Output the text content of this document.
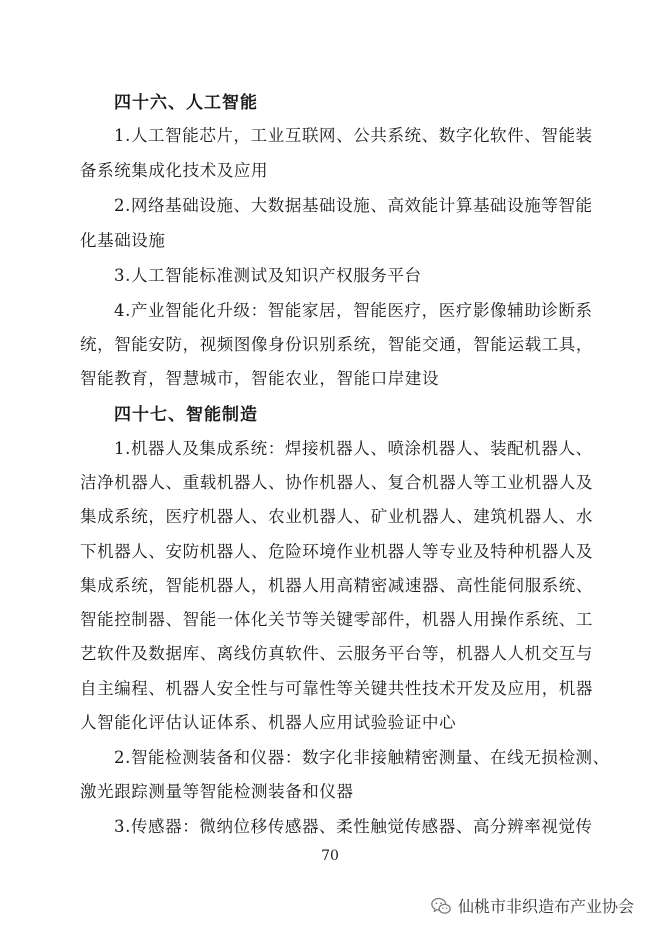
四十六、人工智能
1.人工智能芯片，工业互联网、公共系统、数字化软件、智能装
备系统集成化技术及应用
2.网络基础设施、大数据基础设施、高效能计算基础设施等智能
化基础设施
3.人工智能标准测试及知识产权服务平台
4.产业智能化升级：智能家居，智能医疗，医疗影像辅助诊断系
统，智能安防，视频图像身份识别系统，智能交通，智能运载工具，
智能教育，智慧城市，智能农业，智能口岸建设
四十七、智能制造
1.机器人及集成系统：焊接机器人、喷涂机器人、装配机器人、
洁净机器人、重载机器人、协作机器人、复合机器人等工业机器人及
集成系统，医疗机器人、农业机器人、矿业机器人、建筑机器人、水
下机器人、安防机器人、危险环境作业机器人等专业及特种机器人及
集成系统，智能机器人，机器人用高精密减速器、高性能伺服系统、
智能控制器、智能一体化关节等关键零部件，机器人用操作系统、工
艺软件及数据库、离线仿真软件、云服务平台等，机器人人机交互与
自主编程、机器人安全性与可靠性等关键共性技术开发及应用，机器
人智能化评估认证体系、机器人应用试验验证中心
2.智能检测装备和仪器：数字化非接触精密测量、在线无损检测、
激光跟踪测量等智能检测装备和仪器
3.传感器：微纳位移传感器、柔性触觉传感器、高分辨率视觉传
70
仙桃市非织造布产业协会
